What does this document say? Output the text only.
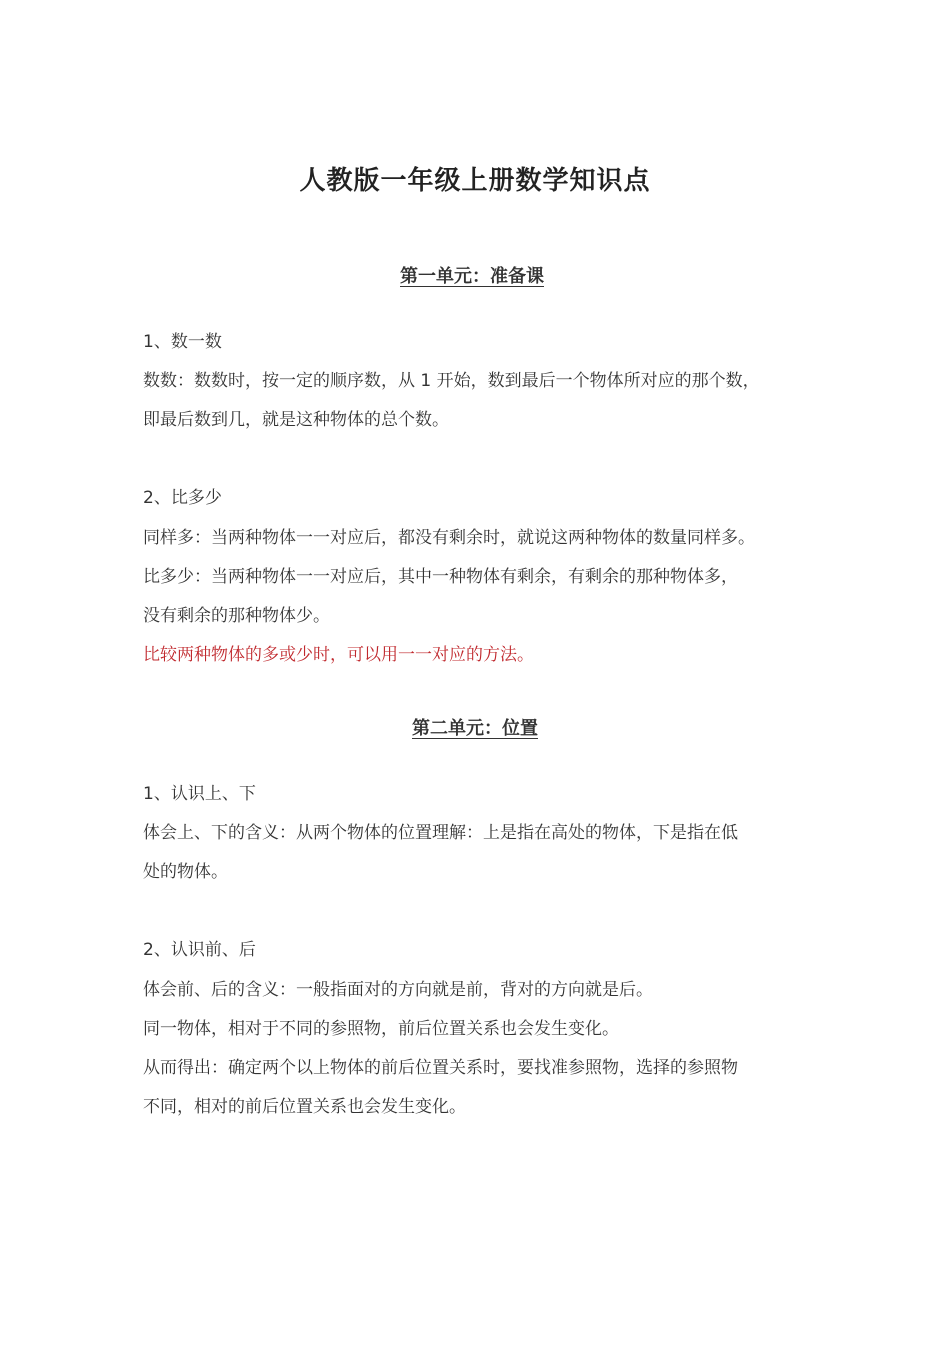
人教版一年级上册数学知识点
第一单元：准备课

1、数一数

数数：数数时，按一定的顺序数，从 1 开始，数到最后一个物体所对应的那个数，

即最后数到几，就是这种物体的总个数。

2、比多少

同样多：当两种物体一一对应后，都没有剩余时，就说这两种物体的数量同样多。

比多少：当两种物体一一对应后，其中一种物体有剩余，有剩余的那种物体多，

没有剩余的那种物体少。

比较两种物体的多或少时，可以用一一对应的方法。

第二单元：位置

1、认识上、下

体会上、下的含义：从两个物体的位置理解：上是指在高处的物体，下是指在低

处的物体。

2、认识前、后

体会前、后的含义：一般指面对的方向就是前，背对的方向就是后。

同一物体，相对于不同的参照物，前后位置关系也会发生变化。

从而得出：确定两个以上物体的前后位置关系时，要找准参照物，选择的参照物

不同，相对的前后位置关系也会发生变化。
